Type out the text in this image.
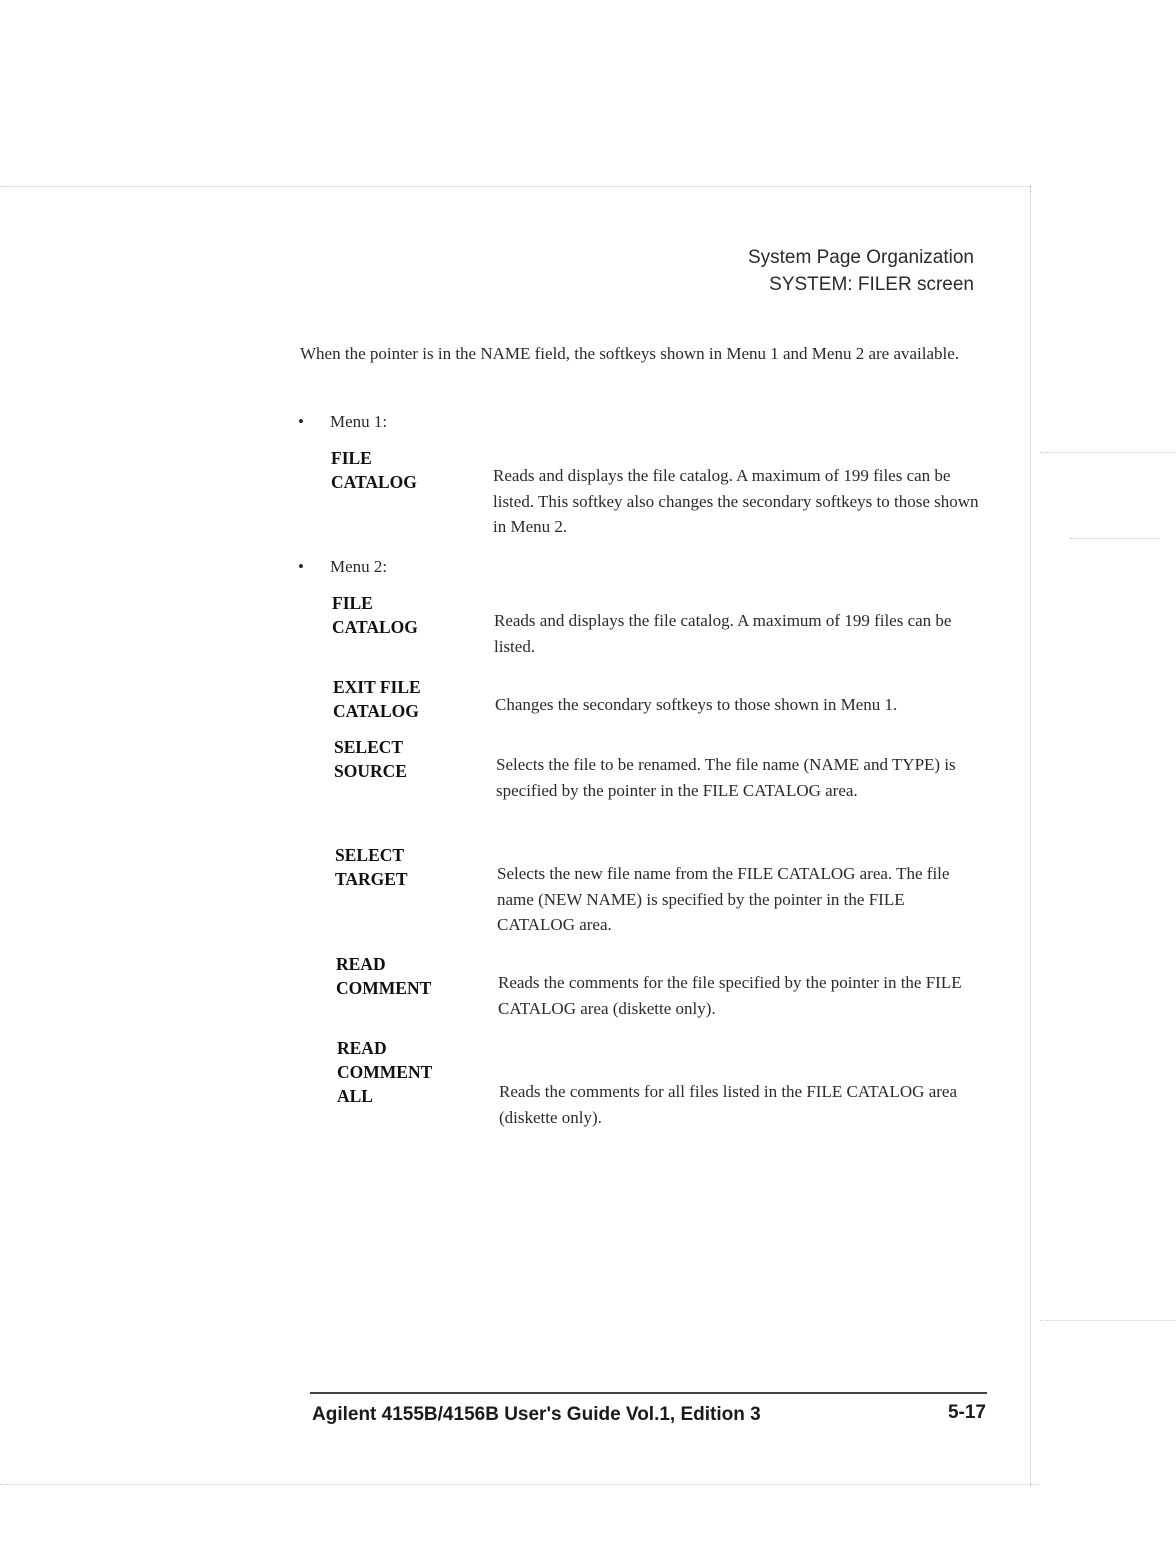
System Page Organization
SYSTEM: FILER screen
When the pointer is in the NAME field, the softkeys shown in Menu 1 and Menu 2 are available.
• Menu 1:
FILE
CATALOG	Reads and displays the file catalog. A maximum of 199 files can be listed. This softkey also changes the secondary softkeys to those shown in Menu 2.
• Menu 2:
FILE
CATALOG	Reads and displays the file catalog. A maximum of 199 files can be listed.
EXIT FILE
CATALOG	Changes the secondary softkeys to those shown in Menu 1.
SELECT
SOURCE	Selects the file to be renamed. The file name (NAME and TYPE) is specified by the pointer in the FILE CATALOG area.
SELECT
TARGET	Selects the new file name from the FILE CATALOG area. The file name (NEW NAME) is specified by the pointer in the FILE CATALOG area.
READ
COMMENT	Reads the comments for the file specified by the pointer in the FILE CATALOG area (diskette only).
READ
COMMENT
ALL	Reads the comments for all files listed in the FILE CATALOG area (diskette only).
Agilent 4155B/4156B User's Guide Vol.1, Edition 3	5-17
